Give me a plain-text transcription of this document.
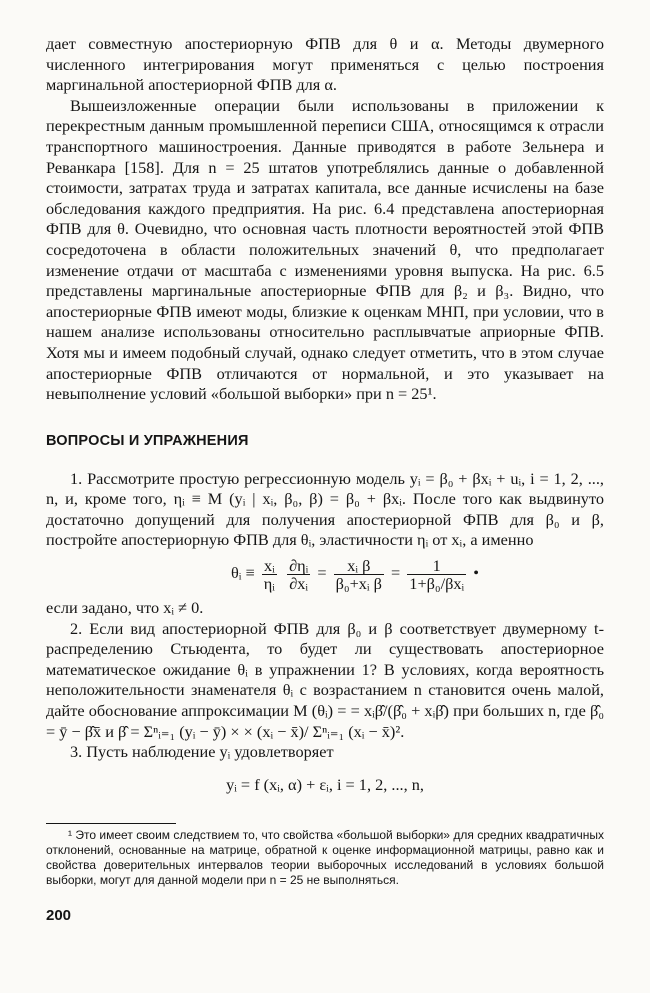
дает совместную апостериорную ФПВ для θ и α. Методы двумерного численного интегрирования могут применяться с целью построения маргинальной апостериорной ФПВ для α.

Вышеизложенные операции были использованы в приложении к перекрестным данным промышленной переписи США, относящимся к отрасли транспортного машиностроения. Данные приводятся в работе Зельнера и Реванкара [158]. Для n = 25 штатов употреблялись данные о добавленной стоимости, затратах труда и затратах капитала, все данные исчислены на базе обследования каждого предприятия. На рис. 6.4 представлена апостериорная ФПВ для θ. Очевидно, что основная часть плотности вероятностей этой ФПВ сосредоточена в области положительных значений θ, что предполагает изменение отдачи от масштаба с изменениями уровня выпуска. На рис. 6.5 представлены маргинальные апостериорные ФПВ для β₂ и β₃. Видно, что апостериорные ФПВ имеют моды, близкие к оценкам МНП, при условии, что в нашем анализе использованы относительно расплывчатые априорные ФПВ. Хотя мы и имеем подобный случай, однако следует отметить, что в этом случае апостериорные ФПВ отличаются от нормальной, и это указывает на невыполнение условий «большой выборки» при n = 25¹.

ВОПРОСЫ И УПРАЖНЕНИЯ

1. Рассмотрите простую регрессионную модель yᵢ = β₀ + βxᵢ + uᵢ, i = 1, 2, ..., n, и, кроме того, ηᵢ ≡ M (yᵢ | xᵢ, β₀, β) = β₀ + βxᵢ. После того как выдвинуто достаточно допущений для получения апостериорной ФПВ для β₀ и β, постройте апостериорную ФПВ для θᵢ, эластичности ηᵢ от xᵢ, а именно

θᵢ ≡ $\frac{\text{xᵢ}}{\text{ηᵢ}}$
$\frac{\text{∂ηᵢ}}{\text{∂xᵢ}} = \frac{\text{xᵢ β}}{\text{β₀+xᵢ β}} = \frac{1}{\text{1+β₀/βxᵢ}}$ •

если задано, что xᵢ ≠ 0.

2. Если вид апостериорной ФПВ для β₀ и β соответствует двумерному t-распределению Стьюдента, то будет ли существовать апостериорное математическое ожидание θᵢ в упражнении 1? В условиях, когда вероятность неположительности знаменателя θᵢ с возрастанием n становится очень малой, дайте обоснование аппроксимации M (θᵢ) = = xᵢβ̂/(β̂₀ + xᵢβ̂) при больших n, где β̂₀ = ȳ − β̂x̄ и β̂ = Σⁿᵢ₌₁ (yᵢ − ȳ) × × (xᵢ − x̄)/ Σⁿᵢ₌₁ (xᵢ − x̄)².

3. Пусть наблюдение yᵢ удовлетворяет

yᵢ = f (xᵢ, α) + εᵢ, i = 1, 2, ..., n,

¹ Это имеет своим следствием то, что свойства «большой выборки» для средних квадратичных отклонений, основанные на матрице, обратной к оценке информационной матрицы, равно как и свойства доверительных интервалов теории выборочных исследований в условиях большой выборки, могут для данной модели при n = 25 не выполняться.

200
